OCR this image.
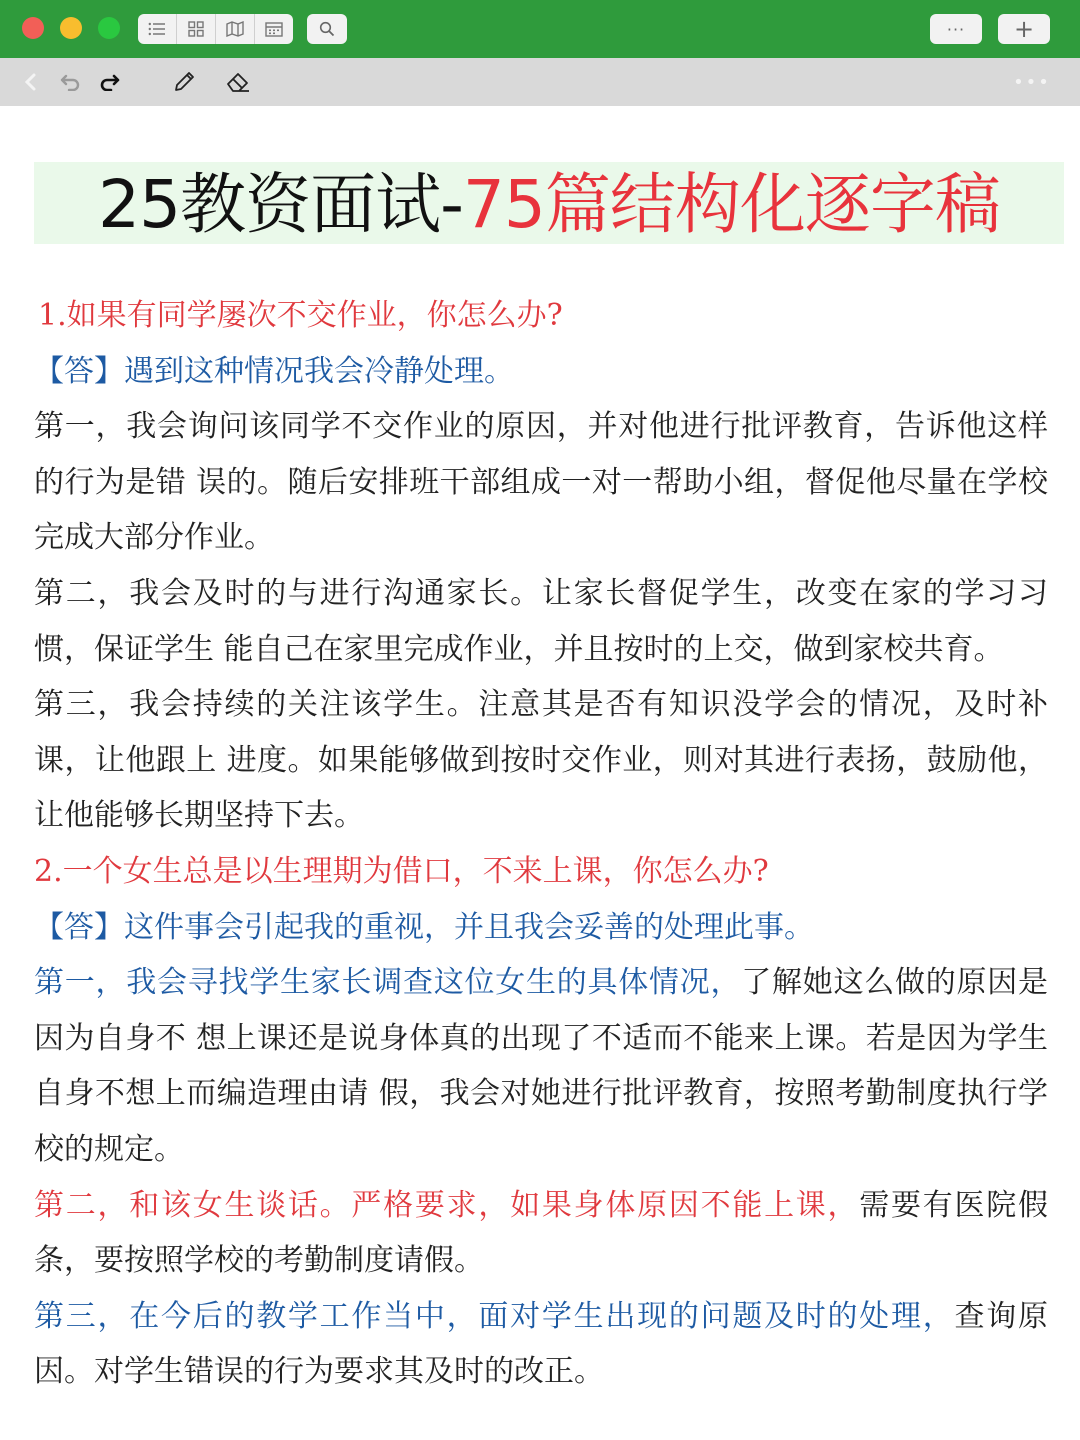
···	+
•••
25教资面试-75篇结构化逐字稿

1.如果有同学屡次不交作业，你怎么办?

【答】遇到这种情况我会冷静处理。

第一，我会询问该同学不交作业的原因，并对他进行批评教育，告诉他这样的行为是错 误的。随后安排班干部组成一对一帮助小组，督促他尽量在学校完成大部分作业。

第二，我会及时的与进行沟通家长。让家长督促学生，改变在家的学习习惯，保证学生 能自己在家里完成作业，并且按时的上交，做到家校共育。

第三，我会持续的关注该学生。注意其是否有知识没学会的情况，及时补课，让他跟上 进度。如果能够做到按时交作业，则对其进行表扬，鼓励他，让他能够长期坚持下去。

2.一个女生总是以生理期为借口，不来上课，你怎么办?

【答】这件事会引起我的重视，并且我会妥善的处理此事。

第一，我会寻找学生家长调查这位女生的具体情况，了解她这么做的原因是因为自身不 想上课还是说身体真的出现了不适而不能来上课。若是因为学生自身不想上而编造理由请 假，我会对她进行批评教育，按照考勤制度执行学校的规定。

第二，和该女生谈话。严格要求，如果身体原因不能上课，需要有医院假条，要按照学校的考勤制度请假。

第三，在今后的教学工作当中，面对学生出现的问题及时的处理，查询原因。对学生错误的行为要求其及时的改正。
